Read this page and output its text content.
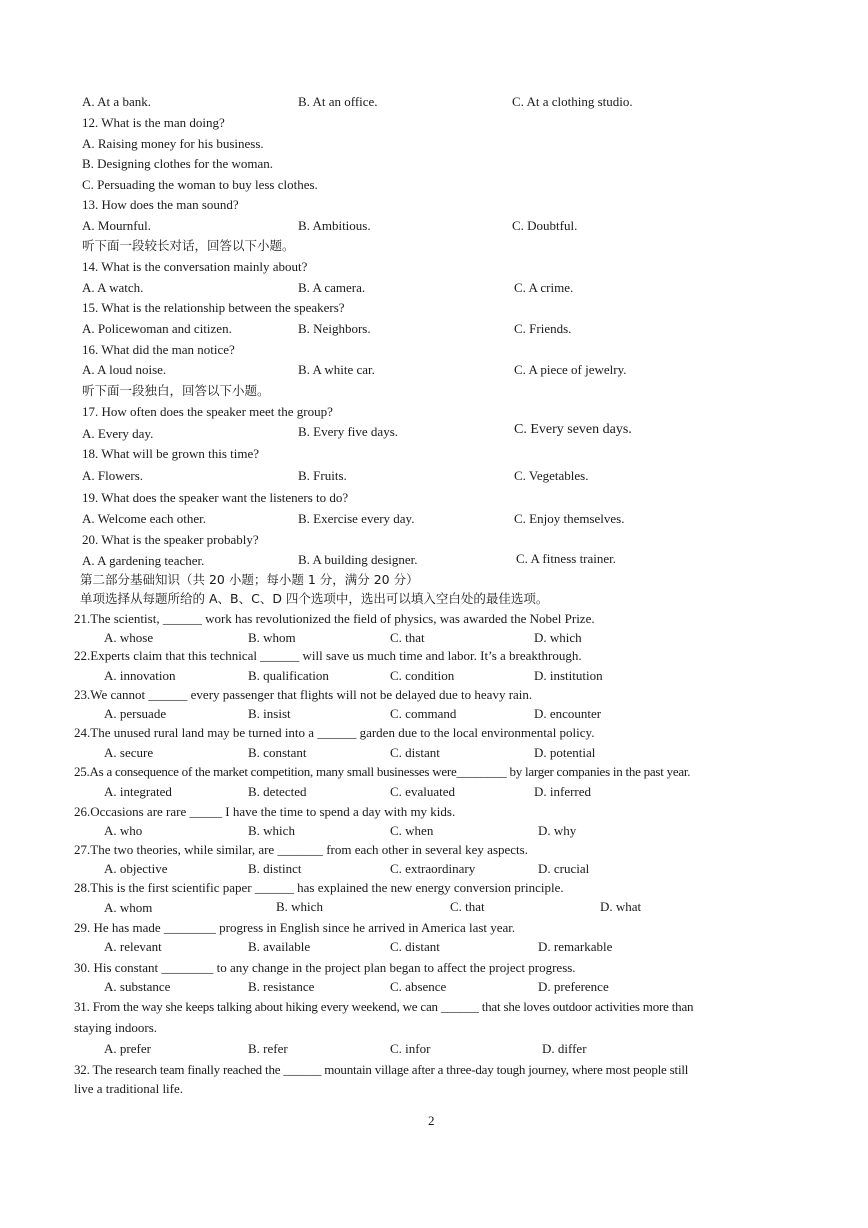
A. At a bank.	B. At an office.	C. At a clothing studio.
12. What is the man doing?
A. Raising money for his business.
B. Designing clothes for the woman.
C. Persuading the woman to buy less clothes.
13. How does the man sound?
A. Mournful.	B. Ambitious.	C. Doubtful.
听下面一段较长对话，回答以下小题。
14. What is the conversation mainly about?
A. A watch.	B. A camera.	C. A crime.
15. What is the relationship between the speakers?
A. Policewoman and citizen.	B. Neighbors.	C. Friends.
16. What did the man notice?
A. A loud noise.	B. A white car.	C. A piece of jewelry.
听下面一段独白，回答以下小题。
17. How often does the speaker meet the group?
A. Every day.	B. Every five days.	C. Every seven days.
18. What will be grown this time?
A. Flowers.	B. Fruits.	C. Vegetables.
19. What does the speaker want the listeners to do?
A. Welcome each other.	B. Exercise every day.	C. Enjoy themselves.
20. What is the speaker probably?
A. A gardening teacher.	B. A building designer.	C. A fitness trainer.
第二部分基础知识（共 20 小题；每小题 1 分，满分 20 分）
单项选择从每题所给的 A、B、C、D 四个选项中，选出可以填入空白处的最佳选项。
21.The scientist, ______ work has revolutionized the field of physics, was awarded the Nobel Prize.
A. whose	B. whom	C. that	D. which
22.Experts claim that this technical ______ will save us much time and labor. It’s a breakthrough.
A. innovation	B. qualification	C. condition	D. institution
23.We cannot ______ every passenger that flights will not be delayed due to heavy rain.
A. persuade	B. insist	C. command	D. encounter
24.The unused rural land may be turned into a ______ garden due to the local environmental policy.
A. secure	B. constant	C. distant	D. potential
25.As a consequence of the market competition, many small businesses were________ by larger companies in the past year.
A. integrated	B. detected	C. evaluated	D. inferred
26.Occasions are rare _____ I have the time to spend a day with my kids.
A. who	B. which	C. when	D. why
27.The two theories, while similar, are _______ from each other in several key aspects.
A. objective	B. distinct	C. extraordinary	D. crucial
28.This is the first scientific paper ______ has explained the new energy conversion principle.
A. whom	B. which	C. that	D. what
29. He has made ________ progress in English since he arrived in America last year.
A. relevant	B. available	C. distant	D. remarkable
30. His constant ________ to any change in the project plan began to affect the project progress.
A. substance	B. resistance	C. absence	D. preference
31. From the way she keeps talking about hiking every weekend, we can ______ that she loves outdoor activities more than
staying indoors.
A. prefer	B. refer	C. infor	D. differ
32. The research team finally reached the ______ mountain village after a three-day tough journey, where most people still
live a traditional life.
2
